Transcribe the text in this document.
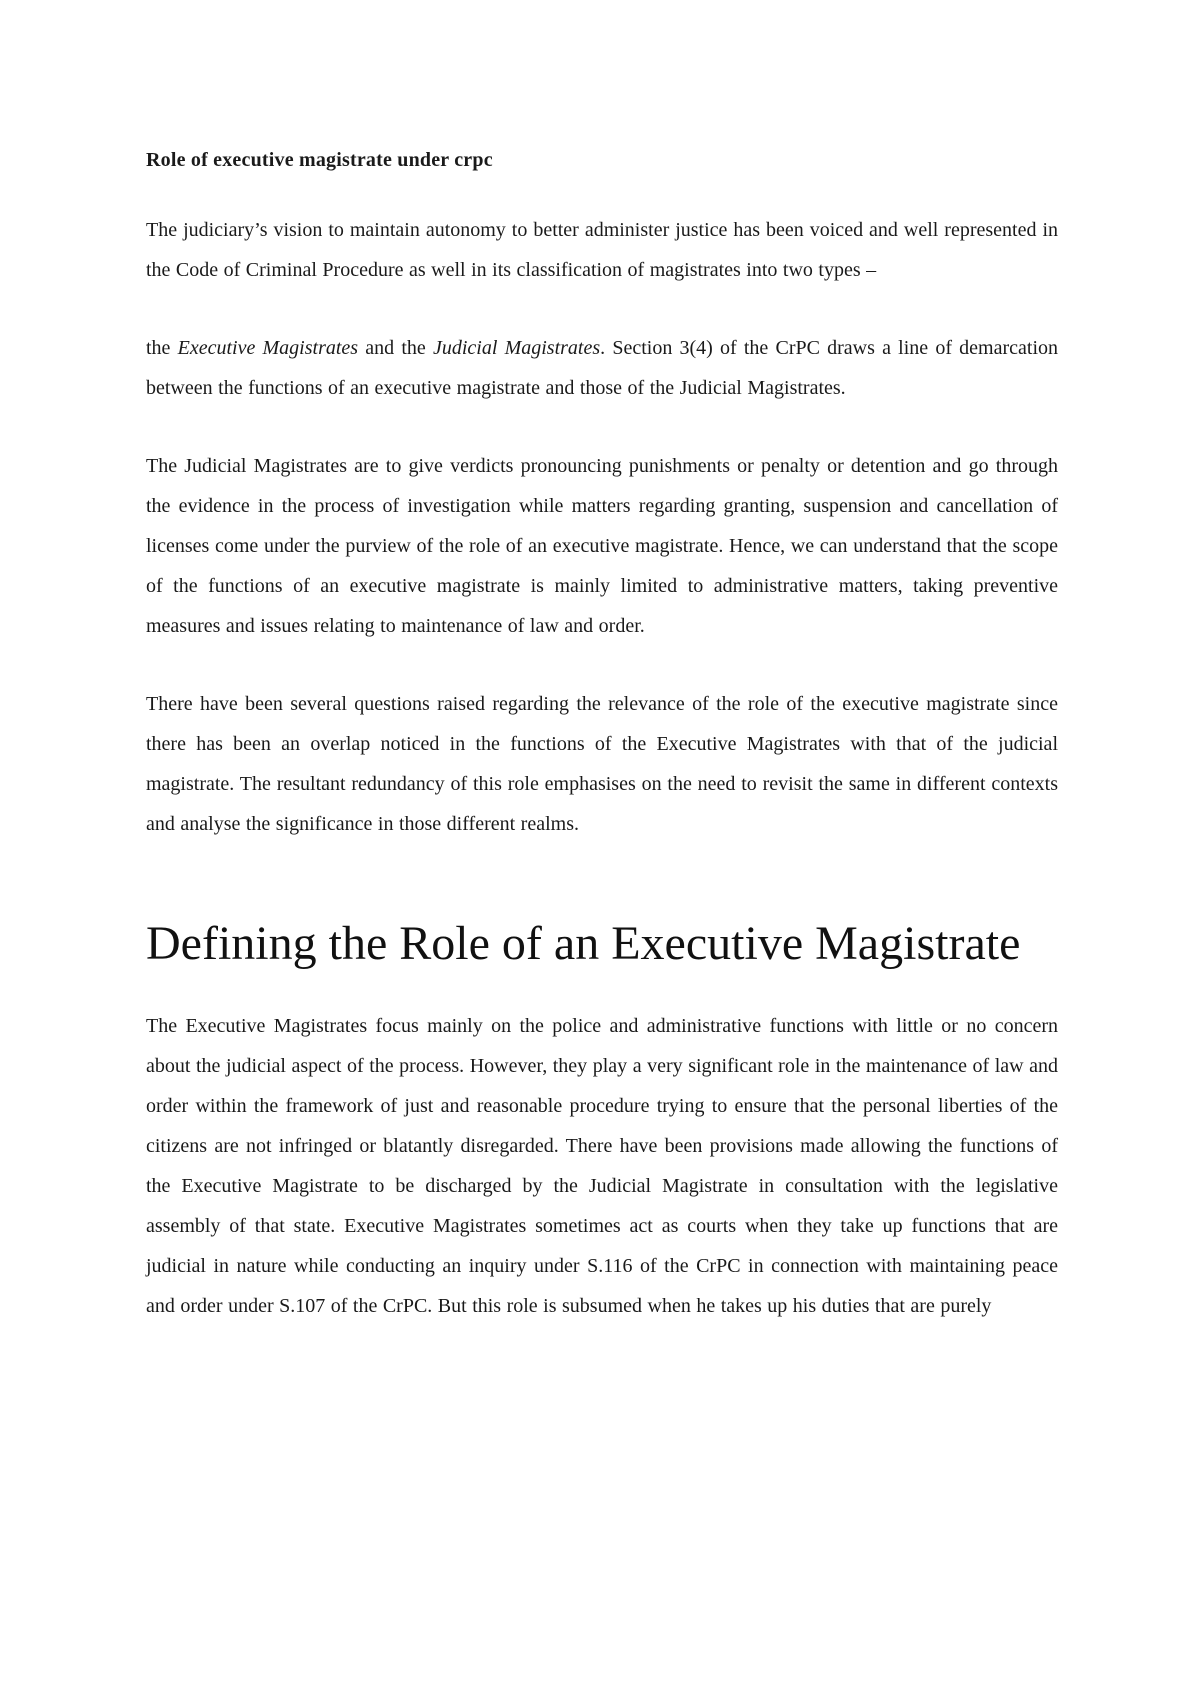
Role of executive magistrate under crpc

The judiciary’s vision to maintain autonomy to better administer justice has been voiced and well represented in the Code of Criminal Procedure as well in its classification of magistrates into two types –

the Executive Magistrates and the Judicial Magistrates. Section 3(4) of the CrPC draws a line of demarcation between the functions of an executive magistrate and those of the Judicial Magistrates.

The Judicial Magistrates are to give verdicts pronouncing punishments or penalty or detention and go through the evidence in the process of investigation while matters regarding granting, suspension and cancellation of licenses come under the purview of the role of an executive magistrate. Hence, we can understand that the scope of the functions of an executive magistrate is mainly limited to administrative matters, taking preventive measures and issues relating to maintenance of law and order.

There have been several questions raised regarding the relevance of the role of the executive magistrate since there has been an overlap noticed in the functions of the Executive Magistrates with that of the judicial magistrate. The resultant redundancy of this role emphasises on the need to revisit the same in different contexts and analyse the significance in those different realms.

Defining the Role of an Executive Magistrate

The Executive Magistrates focus mainly on the police and administrative functions with little or no concern about the judicial aspect of the process. However, they play a very significant role in the maintenance of law and order within the framework of just and reasonable procedure trying to ensure that the personal liberties of the citizens are not infringed or blatantly disregarded. There have been provisions made allowing the functions of the Executive Magistrate to be discharged by the Judicial Magistrate in consultation with the legislative assembly of that state. Executive Magistrates sometimes act as courts when they take up functions that are judicial in nature while conducting an inquiry under S.116 of the CrPC in connection with maintaining peace and order under S.107 of the CrPC. But this role is subsumed when he takes up his duties that are purely
